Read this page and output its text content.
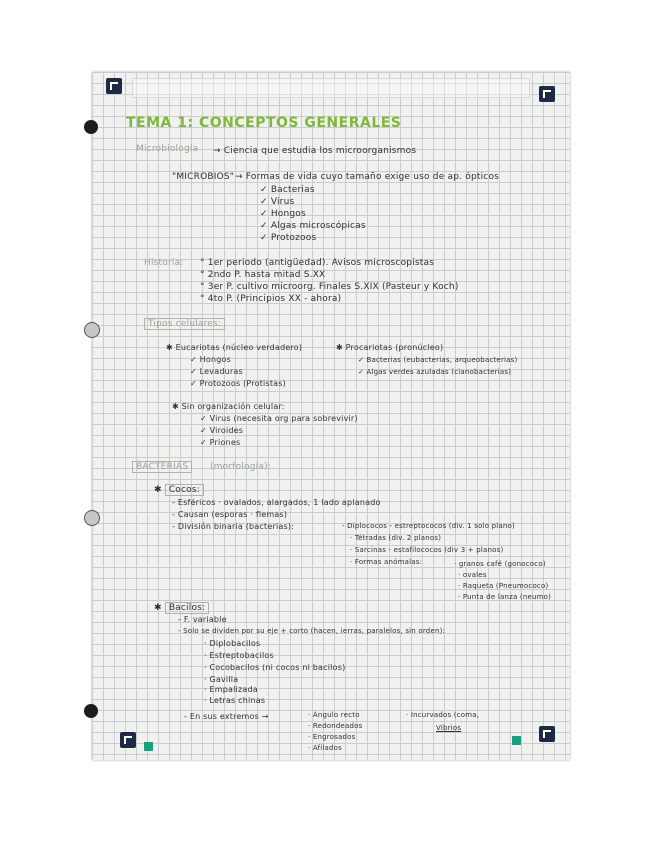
TEMA 1: CONCEPTOS GENERALES
Microbiología → Ciencia que estudia los microorganismos
"MICROBIOS" → Formas de vida cuyo tamaño exige uso de ap. ópticos
✓ Bacterias
✓ Virus
✓ Hongos
✓ Algas microscópicas
✓ Protozoos
Historia: ° 1er periodo (antigüedad). Avisos microscopistas
° 2ndo P. hasta mitad S.XX
° 3er P. cultivo microorg. Finales S.XIX (Pasteur y Koch)
° 4to P. (Principios XX - ahora)
Tipos celulares:
✱ Eucariotas (núcleo verdadero)
✓ Hongos
✓ Levaduras
✓ Protozoos (Protistas)
✱ Procariotas (pronúcleo)
✓ Bacterias (eubacterias, arqueobacterias)
✓ Algas verdes azuladas (cianobacterias)
✱ Sin organización celular:
✓ Virus (necesita org para sobrevivir)
✓ Viroides
✓ Priones
BACTERIAS	(morfología):
✱ Cocos:
- Esféricos · ovalados, alargados, 1 lado aplanado
- Causan (esporas · flemas)
- División binaria (bacterias):	- Diplococos - estreptococos (div. 1 solo plano)
· Tétradas (div. 2 planos)
· Sarcinas - estafilococos (div 3 + planos)
· Formas anómalas:	· granos café (gonococo)
· ovales
· Raqueta (Pneumococo)
· Punta de lanza (neumo)
✱ Bacilos:
- F. variable
- Solo se dividen por su eje + corto (hacen, ierras, paralelos, sin orden):
· Diplobacilos
· Estreptobacilos
· Cocobacilos (ni cocos ni bacilos)
· Gavilla
· Empalizada
· Letras chinas
- En sus extremos →	· Ángulo recto
· Redondeados
· Engrosados
· Afilados
· Incurvados (coma,
Vibrios
